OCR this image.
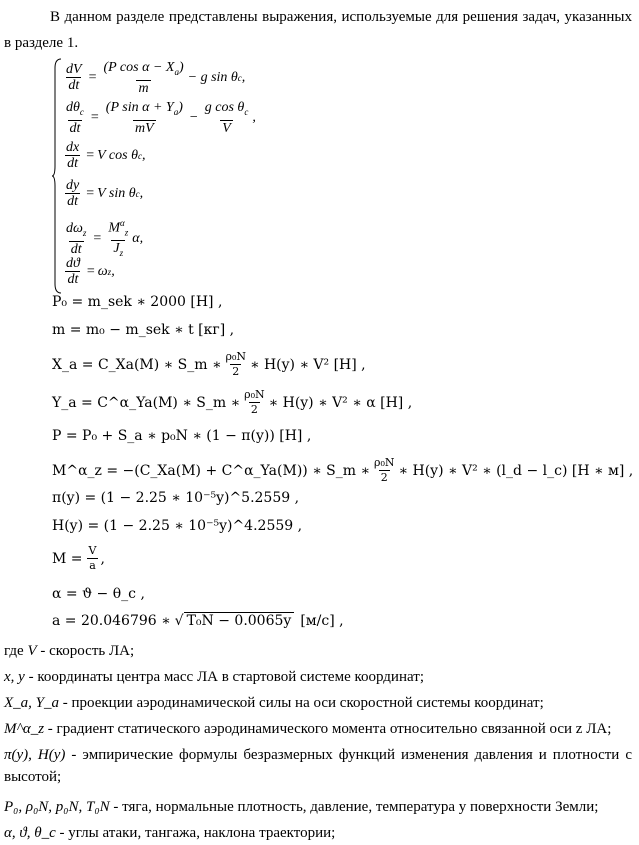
В данном разделе представлены выражения, используемые для решения задач, указанных в разделе 1.

$\frac{dV}{dt} = \frac{(P \cos \alpha - X_a)}{m} - g$ sin θ c ,
$\frac{d\theta_c}{dt} = \frac{(P \sin \alpha + Y_a)}{mV} - \frac{g \cos \theta_c}{V}$ ,
$\frac{dx}{dt} = V$ cos θ c ,
$\frac{dy}{dt} = V$ sin θ c ,
$\frac{d\omega_z}{dt} = \frac{M^\alpha_z}{J_z}$ α ,
$\frac{dϑ}{dt} = \omega$ z ,
P₀ = m_sek ∗ 2000 [Н] ,
m = m₀ − m_sek ∗ t [кг] ,
X_a = C_Xa(M) ∗ S_m ∗ $\frac{\text{ρ₀N}}{2}$ ∗ H(y) ∗ V² [Н] ,
Y_a = C^α_Ya(M) ∗ S_m ∗ $\frac{\text{ρ₀N}}{2}$ ∗ H(y) ∗ V² ∗ α [Н] ,
P = P₀ + S_a ∗ p₀N ∗ (1 − π(y)) [Н] ,
M^α_z = −(C_Xa(M) + C^α_Ya(M)) ∗ S_m ∗ $\frac{\text{ρ₀N}}{2}$ ∗ H(y) ∗ V² ∗ (l_d − l_c) [Н ∗ м] ,
π(y) = (1 − 2.25 ∗ 10⁻⁵y)^5.2559 ,
H(y) = (1 − 2.25 ∗ 10⁻⁵y)^4.2559 ,
$M = \frac{V}{a}$ ,
α = ϑ − θ_c ,
a = 20.046796 ∗ √ T₀N − 0.0065y [м/с] ,

где V - скорость ЛА;

x, y - координаты центра масс ЛА в стартовой системе координат;

X_a, Y_a - проекции аэродинамической силы на оси скоростной системы координат;

M^α_z - градиент статического аэродинамического момента относительно связанной оси z ЛА;

π(y), H(y) - эмпирические формулы безразмерных функций изменения давления и плотности с высотой;

P₀, ρ₀N, p₀N, T₀N - тяга, нормальные плотность, давление, температура у поверхности Земли;

α, ϑ, θ_c - углы атаки, тангажа, наклона траектории;
